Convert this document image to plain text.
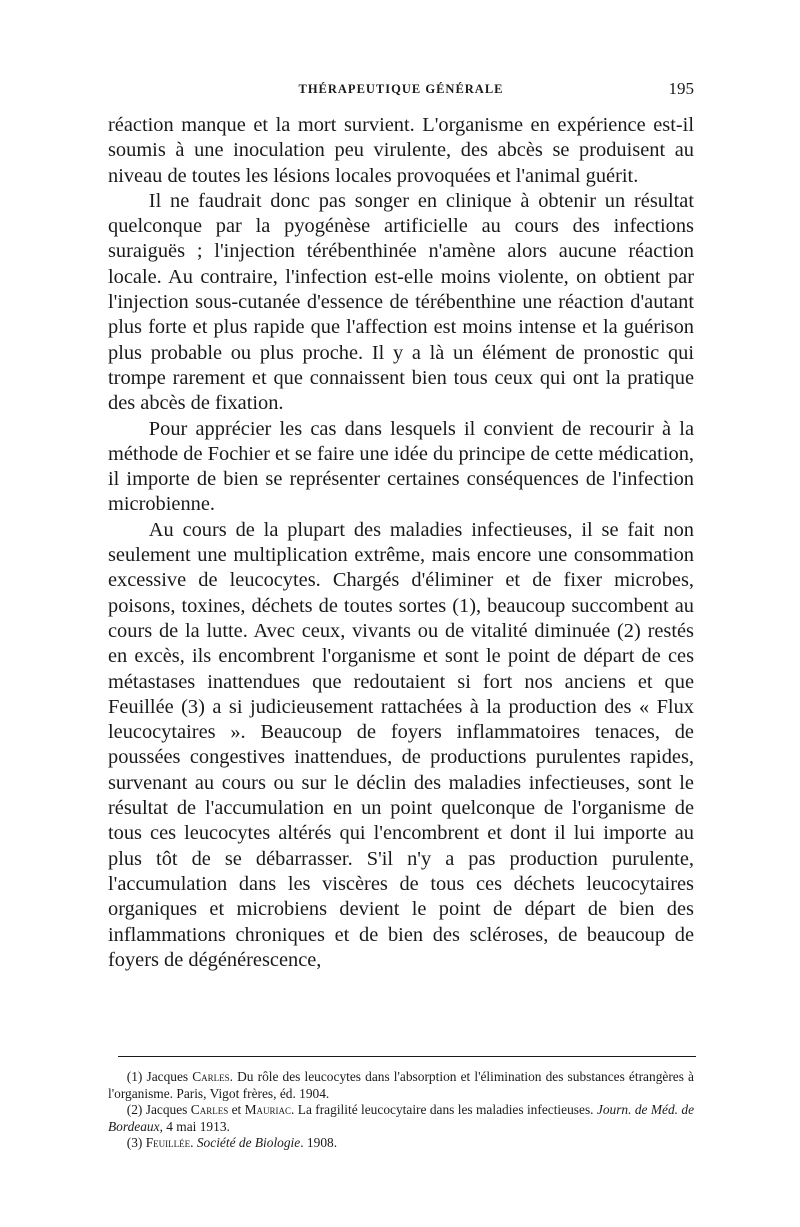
THÉRAPEUTIQUE GÉNÉRALE	195

réaction manque et la mort survient. L'organisme en expérience est-il soumis à une inoculation peu virulente, des abcès se produisent au niveau de toutes les lésions locales provoquées et l'animal guérit.

Il ne faudrait donc pas songer en clinique à obtenir un résultat quelconque par la pyogénèse artificielle au cours des infections suraiguës ; l'injection térébenthinée n'amène alors aucune réaction locale. Au contraire, l'infection est-elle moins violente, on obtient par l'injection sous-cutanée d'essence de térébenthine une réaction d'autant plus forte et plus rapide que l'affection est moins intense et la guérison plus probable ou plus proche. Il y a là un élément de pronostic qui trompe rarement et que connaissent bien tous ceux qui ont la pratique des abcès de fixation.

Pour apprécier les cas dans lesquels il convient de recourir à la méthode de Fochier et se faire une idée du principe de cette médication, il importe de bien se représenter certaines conséquences de l'infection microbienne.

Au cours de la plupart des maladies infectieuses, il se fait non seulement une multiplication extrême, mais encore une consommation excessive de leucocytes. Chargés d'éliminer et de fixer microbes, poisons, toxines, déchets de toutes sortes (1), beaucoup succombent au cours de la lutte. Avec ceux, vivants ou de vitalité diminuée (2) restés en excès, ils encombrent l'organisme et sont le point de départ de ces métastases inattendues que redoutaient si fort nos anciens et que Feuillée (3) a si judicieusement rattachées à la production des « Flux leucocytaires ». Beaucoup de foyers inflammatoires tenaces, de poussées congestives inattendues, de productions purulentes rapides, survenant au cours ou sur le déclin des maladies infectieuses, sont le résultat de l'accumulation en un point quelconque de l'organisme de tous ces leucocytes altérés qui l'encombrent et dont il lui importe au plus tôt de se débarrasser. S'il n'y a pas production purulente, l'accumulation dans les viscères de tous ces déchets leucocytaires organiques et microbiens devient le point de départ de bien des inflammations chroniques et de bien des scléroses, de beaucoup de foyers de dégénérescence,

(1) Jacques Carles. Du rôle des leucocytes dans l'absorption et l'élimination des substances étrangères à l'organisme. Paris, Vigot frères, éd. 1904.

(2) Jacques Carles et Mauriac. La fragilité leucocytaire dans les maladies infectieuses. Journ. de Méd. de Bordeaux, 4 mai 1913.

(3) Feuillée. Société de Biologie. 1908.
